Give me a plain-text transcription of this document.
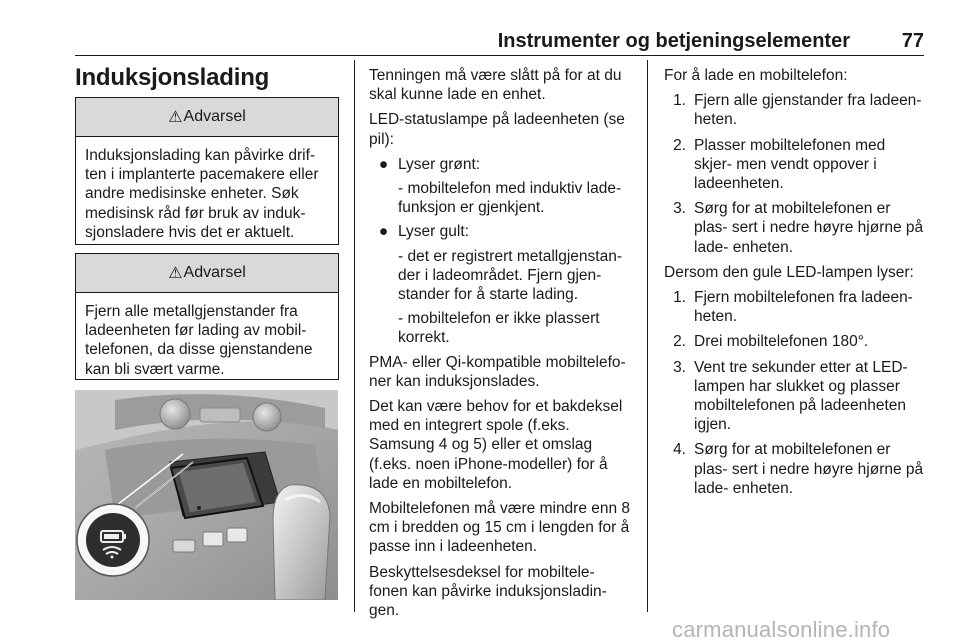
Instrumenter og betjeningselementer	77
Induksjonslading
⚠ Advarsel
Induksjonslading kan påvirke drif- ten i implanterte pacemakere eller andre medisinske enheter. Søk medisinsk råd før bruk av induk- sjonsladere hvis det er aktuelt.
⚠ Advarsel
Fjern alle metallgjenstander fra ladeenheten før lading av mobil- telefonen, da disse gjenstandene kan bli svært varme.

Tenningen må være slått på for at du skal kunne lade en enhet.

LED-statuslampe på ladeenheten (se pil):

● Lyser grønt:
- mobiltelefon med induktiv lade- funksjon er gjenkjent.
● Lyser gult:
- det er registrert metallgjenstan- der i ladeområdet. Fjern gjen- stander for å starte lading.
- mobiltelefon er ikke plassert korrekt.

PMA- eller Qi-kompatible mobiltelefo- ner kan induksjonslades.

Det kan være behov for et bakdeksel med en integrert spole (f.eks. Samsung 4 og 5) eller et omslag (f.eks. noen iPhone-modeller) for å lade en mobiltelefon.

Mobiltelefonen må være mindre enn 8 cm i bredden og 15 cm i lengden for å passe inn i ladeenheten.

Beskyttelsesdeksel for mobiltele- fonen kan påvirke induksjonsladin- gen.

For å lade en mobiltelefon:

1. Fjern alle gjenstander fra ladeen- heten.
2. Plasser mobiltelefonen med skjer- men vendt oppover i ladeenheten.
3. Sørg for at mobiltelefonen er plas- sert i nedre høyre hjørne på lade- enheten.

Dersom den gule LED-lampen lyser:

1. Fjern mobiltelefonen fra ladeen- heten.
2. Drei mobiltelefonen 180°.
3. Vent tre sekunder etter at LED- lampen har slukket og plasser mobiltelefonen på ladeenheten igjen.
4. Sørg for at mobiltelefonen er plas- sert i nedre høyre hjørne på lade- enheten.
carmanualsonline.info
